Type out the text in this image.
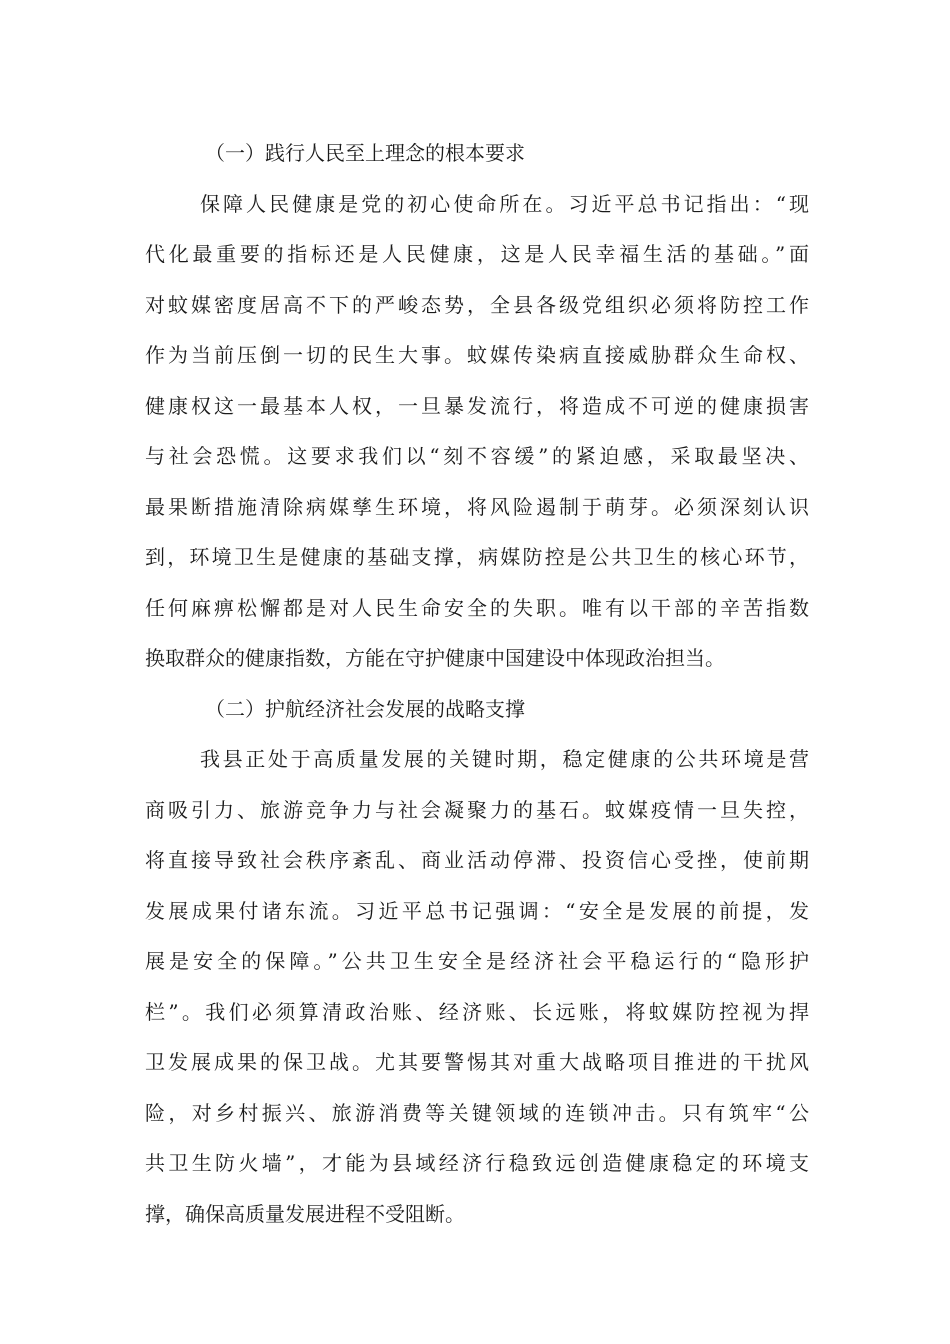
（一）践行人民至上理念的根本要求
保障人民健康是党的初心使命所在。习近平总书记指出：“现
代化最重要的指标还是人民健康，这是人民幸福生活的基础。”面
对蚊媒密度居高不下的严峻态势，全县各级党组织必须将防控工作
作为当前压倒一切的民生大事。蚊媒传染病直接威胁群众生命权、
健康权这一最基本人权，一旦暴发流行，将造成不可逆的健康损害
与社会恐慌。这要求我们以“刻不容缓”的紧迫感，采取最坚决、
最果断措施清除病媒孳生环境，将风险遏制于萌芽。必须深刻认识
到，环境卫生是健康的基础支撑，病媒防控是公共卫生的核心环节，
任何麻痹松懈都是对人民生命安全的失职。唯有以干部的辛苦指数
换取群众的健康指数，方能在守护健康中国建设中体现政治担当。
（二）护航经济社会发展的战略支撑
我县正处于高质量发展的关键时期，稳定健康的公共环境是营
商吸引力、旅游竞争力与社会凝聚力的基石。蚊媒疫情一旦失控，
将直接导致社会秩序紊乱、商业活动停滞、投资信心受挫，使前期
发展成果付诸东流。习近平总书记强调：“安全是发展的前提，发
展是安全的保障。”公共卫生安全是经济社会平稳运行的“隐形护
栏”。我们必须算清政治账、经济账、长远账，将蚊媒防控视为捍
卫发展成果的保卫战。尤其要警惕其对重大战略项目推进的干扰风
险，对乡村振兴、旅游消费等关键领域的连锁冲击。只有筑牢“公
共卫生防火墙”，才能为县域经济行稳致远创造健康稳定的环境支
撑，确保高质量发展进程不受阻断。
